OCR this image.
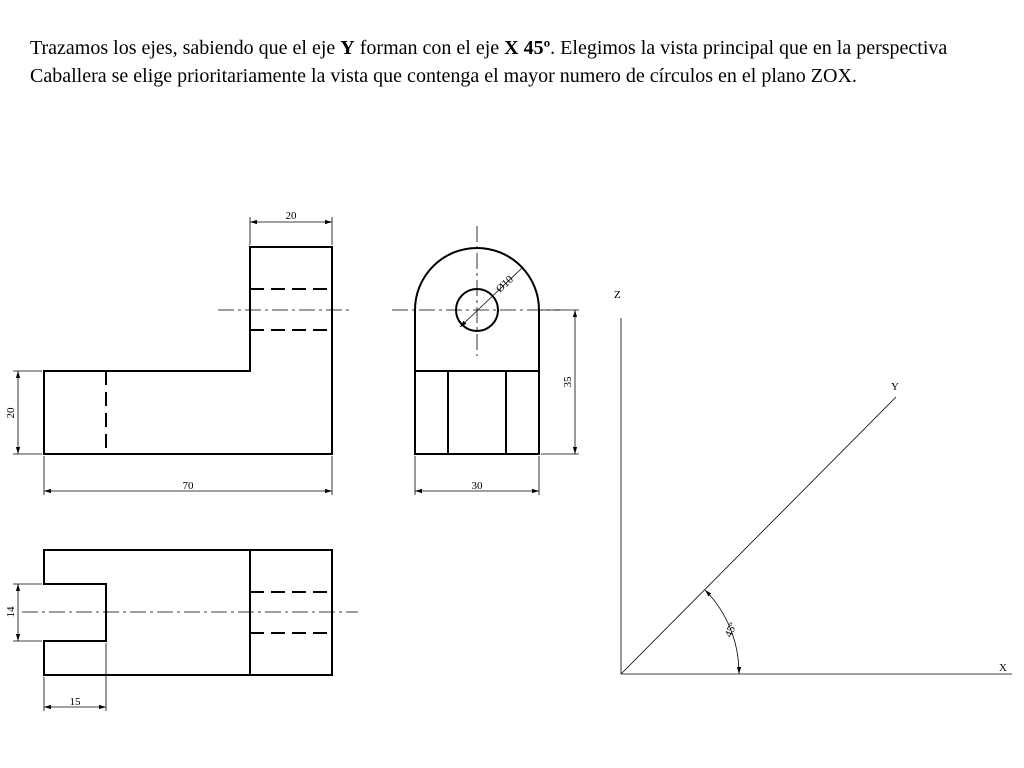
Trazamos los ejes, sabiendo que el eje Y forman con el eje X 45º. Elegimos la vista principal que en la perspectiva Caballera se elige prioritariamente la vista que contenga el mayor numero de círculos en el plano ZOX.

20
20
70
Ø10
30
35
14
15
Z
Y
X
45º
